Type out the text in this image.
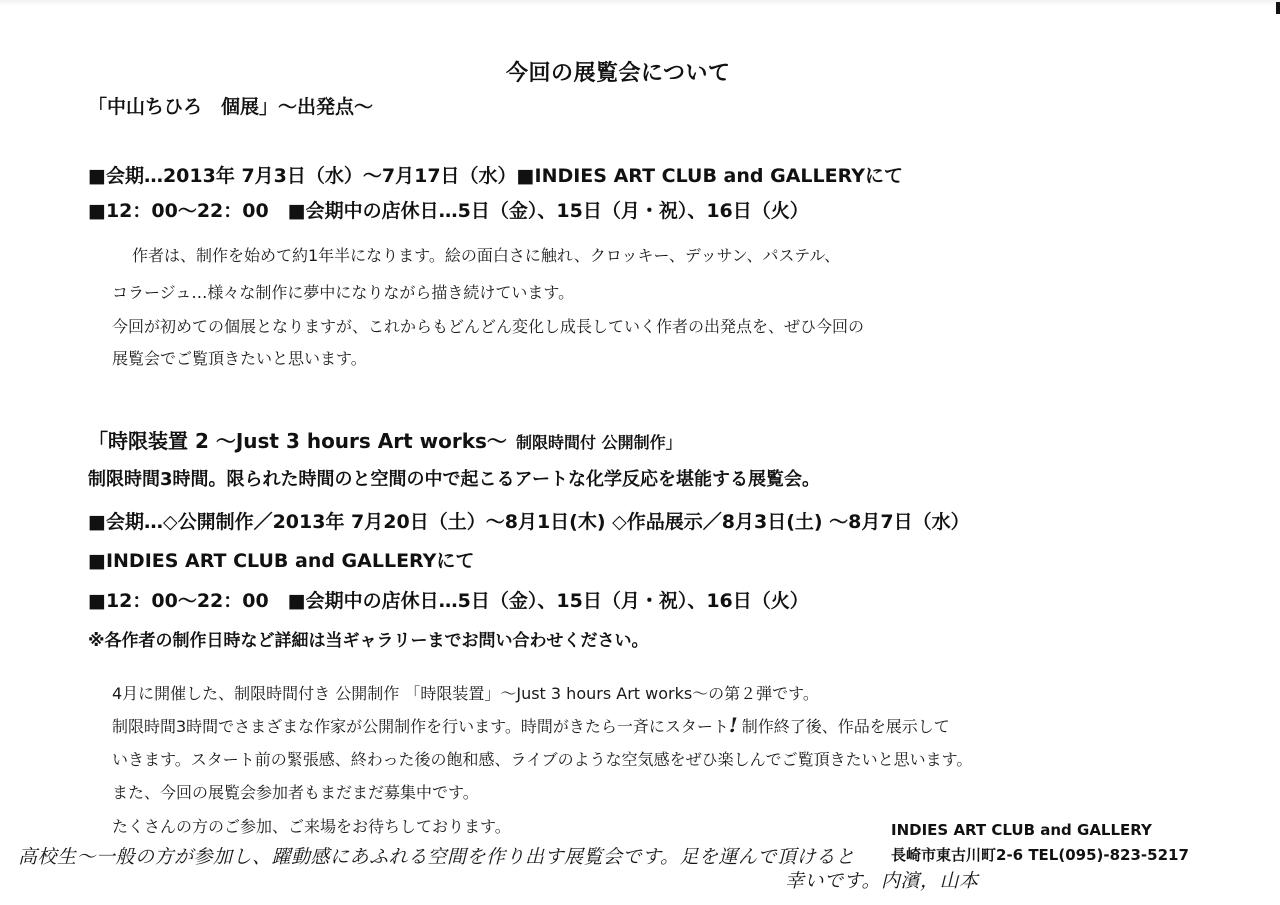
今回の展覧会について
「中山ちひろ　個展」〜出発点〜
■会期…2013年 7月3日（水）〜7月17日（水）■INDIES ART CLUB and GALLERYにて
■12：00〜22：00　■会期中の店休日…5日（金）、15日（月・祝）、16日（火）
作者は、制作を始めて約1年半になります。絵の面白さに触れ、クロッキー、デッサン、パステル、
コラージュ…様々な制作に夢中になりながら描き続けています。
今回が初めての個展となりますが、これからもどんどん変化し成長していく作者の出発点を、ぜひ今回の
展覧会でご覧頂きたいと思います。
「時限装置 2 〜Just 3 hours Art works〜 制限時間付 公開制作」
制限時間3時間。限られた時間のと空間の中で起こるアートな化学反応を堪能する展覧会。
■会期…◇公開制作／2013年 7月20日（土）〜8月1日(木) ◇作品展示／8月3日(土) 〜8月7日（水）
■INDIES ART CLUB and GALLERYにて
■12：00〜22：00　■会期中の店休日…5日（金）、15日（月・祝）、16日（火）
※各作者の制作日時など詳細は当ギャラリーまでお問い合わせください。
4月に開催した、制限時間付き 公開制作 「時限装置」〜Just 3 hours Art works〜の第２弾です。
制限時間3時間でさまざまな作家が公開制作を行います。時間がきたら一斉にスタート! 制作終了後、作品を展示して
いきます。スタート前の緊張感、終わった後の飽和感、ライブのような空気感をぜひ楽しんでご覧頂きたいと思います。
また、今回の展覧会参加者もまだまだ募集中です。
たくさんの方のご参加、ご来場をお待ちしております。
高校生〜一般の方が参加し、躍動感にあふれる空間を作り出す展覧会です。足を運んで頂けると
幸いです。内濱，山本
INDIES ART CLUB and GALLERY
長崎市東古川町2-6 TEL(095)-823-5217
